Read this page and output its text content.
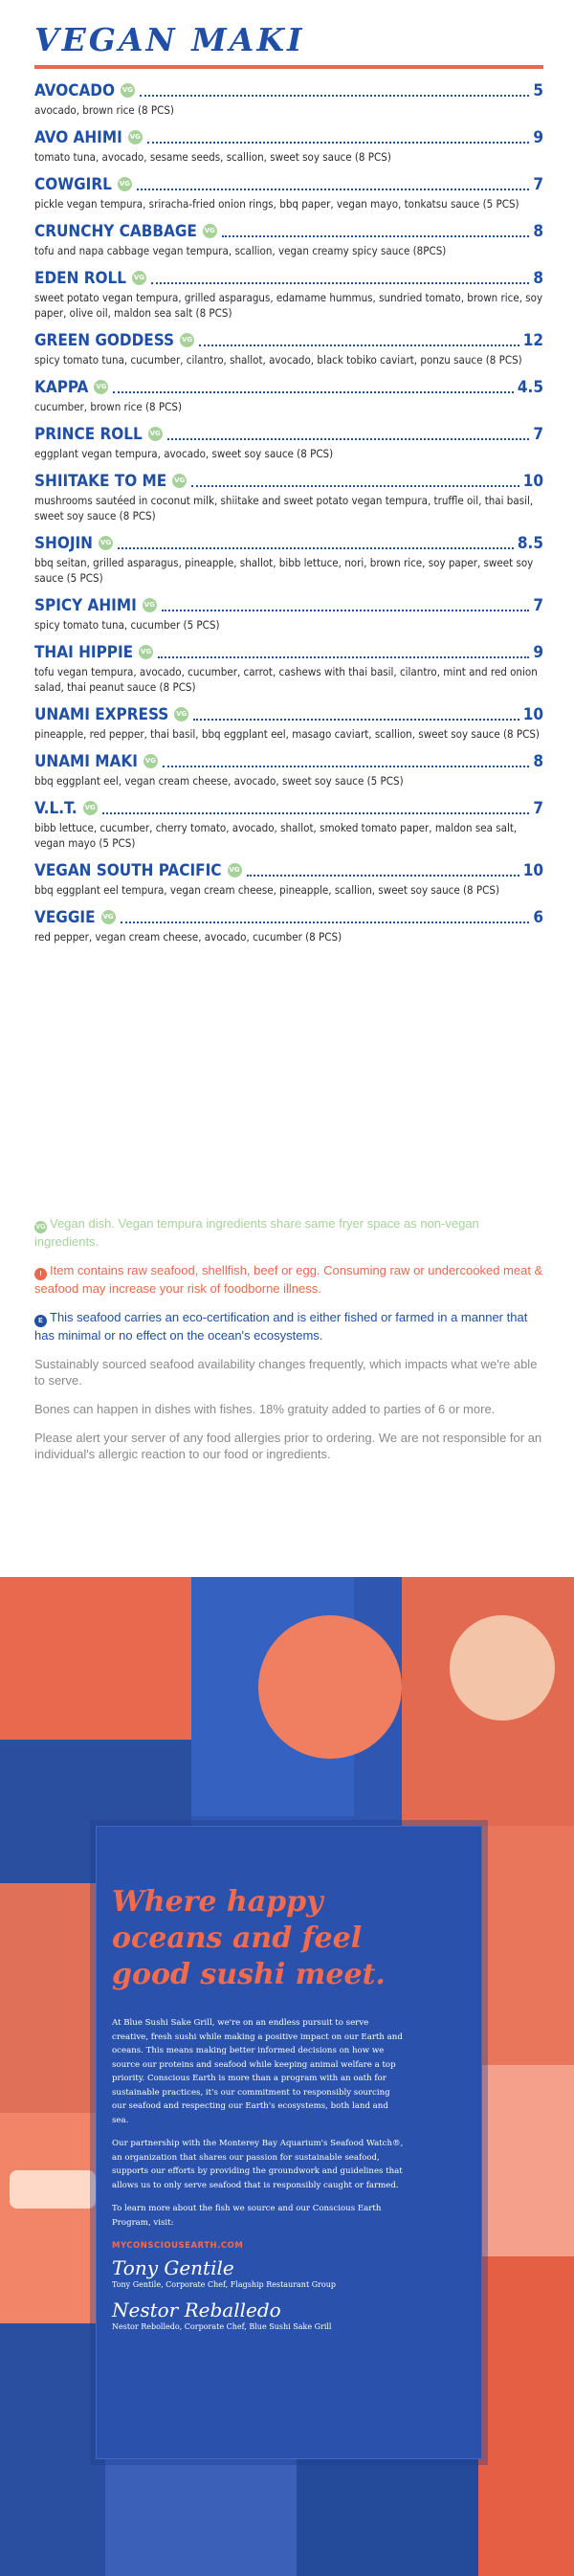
VEGAN MAKI
AVOCADO VG	5
avocado, brown rice (8 PCS)
AVO AHIMI VG	9
tomato tuna, avocado, sesame seeds, scallion, sweet soy sauce (8 PCS)
COWGIRL VG	7
pickle vegan tempura, sriracha-fried onion rings, bbq paper, vegan mayo, tonkatsu sauce (5 PCS)
CRUNCHY CABBAGE VG	8
tofu and napa cabbage vegan tempura, scallion, vegan creamy spicy sauce (8PCS)
EDEN ROLL VG	8
sweet potato vegan tempura, grilled asparagus, edamame hummus, sundried tomato, brown rice, soy paper, olive oil, maldon sea salt (8 PCS)
GREEN GODDESS VG	12
spicy tomato tuna, cucumber, cilantro, shallot, avocado, black tobiko caviart, ponzu sauce (8 PCS)
KAPPA VG	4.5
cucumber, brown rice (8 PCS)
PRINCE ROLL VG	7
eggplant vegan tempura, avocado, sweet soy sauce (8 PCS)
SHIITAKE TO ME VG	10
mushrooms sautéed in coconut milk, shiitake and sweet potato vegan tempura, truffle oil, thai basil, sweet soy sauce (8 PCS)
SHOJIN VG	8.5
bbq seitan, grilled asparagus, pineapple, shallot, bibb lettuce, nori, brown rice, soy paper, sweet soy sauce (5 PCS)
SPICY AHIMI VG	7
spicy tomato tuna, cucumber (5 PCS)
THAI HIPPIE VG	9
tofu vegan tempura, avocado, cucumber, carrot, cashews with thai basil, cilantro, mint and red onion salad, thai peanut sauce (8 PCS)
UNAMI EXPRESS VG	10
pineapple, red pepper, thai basil, bbq eggplant eel, masago caviart, scallion, sweet soy sauce (8 PCS)
UNAMI MAKI VG	8
bbq eggplant eel, vegan cream cheese, avocado, sweet soy sauce (5 PCS)
V.L.T. VG	7
bibb lettuce, cucumber, cherry tomato, avocado, shallot, smoked tomato paper, maldon sea salt, vegan mayo (5 PCS)
VEGAN SOUTH PACIFIC VG	10
bbq eggplant eel tempura, vegan cream cheese, pineapple, scallion, sweet soy sauce (8 PCS)
VEGGIE VG	6
red pepper, vegan cream cheese, avocado, cucumber (8 PCS)
VG Vegan dish. Vegan tempura ingredients share same fryer space as non-vegan ingredients.
! Item contains raw seafood, shellfish, beef or egg. Consuming raw or undercooked meat & seafood may increase your risk of foodborne illness.
E This seafood carries an eco-certification and is either fished or farmed in a manner that has minimal or no effect on the ocean's ecosystems.
Sustainably sourced seafood availability changes frequently, which impacts what we're able to serve.
Bones can happen in dishes with fishes. 18% gratuity added to parties of 6 or more.
Please alert your server of any food allergies prior to ordering. We are not responsible for an individual's allergic reaction to our food or ingredients.
Where happy oceans and feel good sushi meet.

At Blue Sushi Sake Grill, we're on an endless pursuit to serve creative, fresh sushi while making a positive impact on our Earth and oceans. This means making better informed decisions on how we source our proteins and seafood while keeping animal welfare a top priority. Conscious Earth is more than a program with an oath for sustainable practices, it's our commitment to responsibly sourcing our seafood and respecting our Earth's ecosystems, both land and sea.

Our partnership with the Monterey Bay Aquarium's Seafood Watch®, an organization that shares our passion for sustainable seafood, supports our efforts by providing the groundwork and guidelines that allows us to only serve seafood that is responsibly caught or farmed.

To learn more about the fish we source and our Conscious Earth Program, visit:

MYCONSCIOUSEARTH.COM
Tony Gentile
Tony Gentile, Corporate Chef, Flagship Restaurant Group
Nestor Reballedo
Nestor Rebolledo, Corporate Chef, Blue Sushi Sake Grill
